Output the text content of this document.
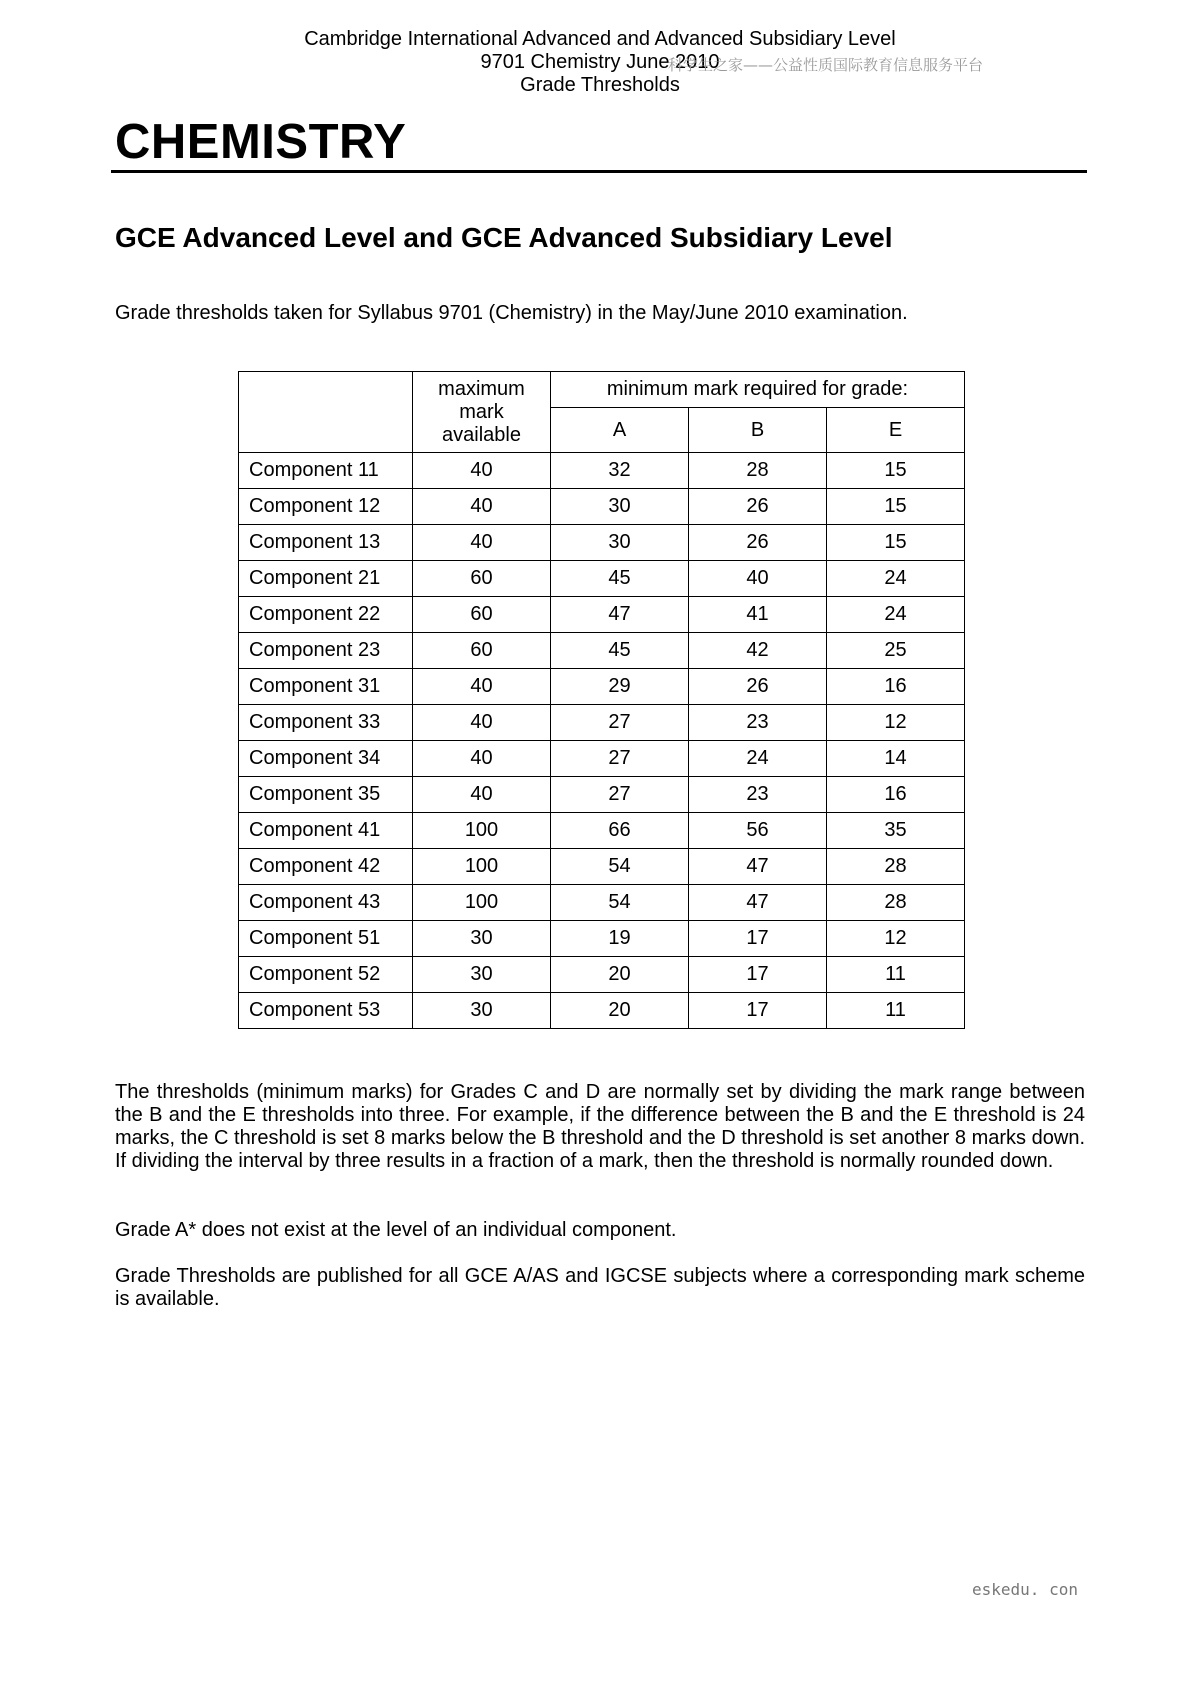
Cambridge International Advanced and Advanced Subsidiary Level
9701 Chemistry June 2010
Grade Thresholds
科学生之家——公益性质国际教育信息服务平台
CHEMISTRY
GCE Advanced Level and GCE Advanced Subsidiary Level
Grade thresholds taken for Syllabus 9701 (Chemistry) in the May/June 2010 examination.

	maximum
mark
available	minimum mark required for grade:		
		A	B	E
Component 11	40	32	28	15
Component 12	40	30	26	15
Component 13	40	30	26	15
Component 21	60	45	40	24
Component 22	60	47	41	24
Component 23	60	45	42	25
Component 31	40	29	26	16
Component 33	40	27	23	12
Component 34	40	27	24	14
Component 35	40	27	23	16
Component 41	100	66	56	35
Component 42	100	54	47	28
Component 43	100	54	47	28
Component 51	30	19	17	12
Component 52	30	20	17	11
Component 53	30	20	17	11
The thresholds (minimum marks) for Grades C and D are normally set by dividing the mark range between the B and the E thresholds into three. For example, if the difference between the B and the E threshold is 24 marks, the C threshold is set 8 marks below the B threshold and the D threshold is set another 8 marks down. If dividing the interval by three results in a fraction of a mark, then the threshold is normally rounded down.
Grade A* does not exist at the level of an individual component.
Grade Thresholds are published for all GCE A/AS and IGCSE subjects where a corresponding mark scheme is available.
eskedu. con
